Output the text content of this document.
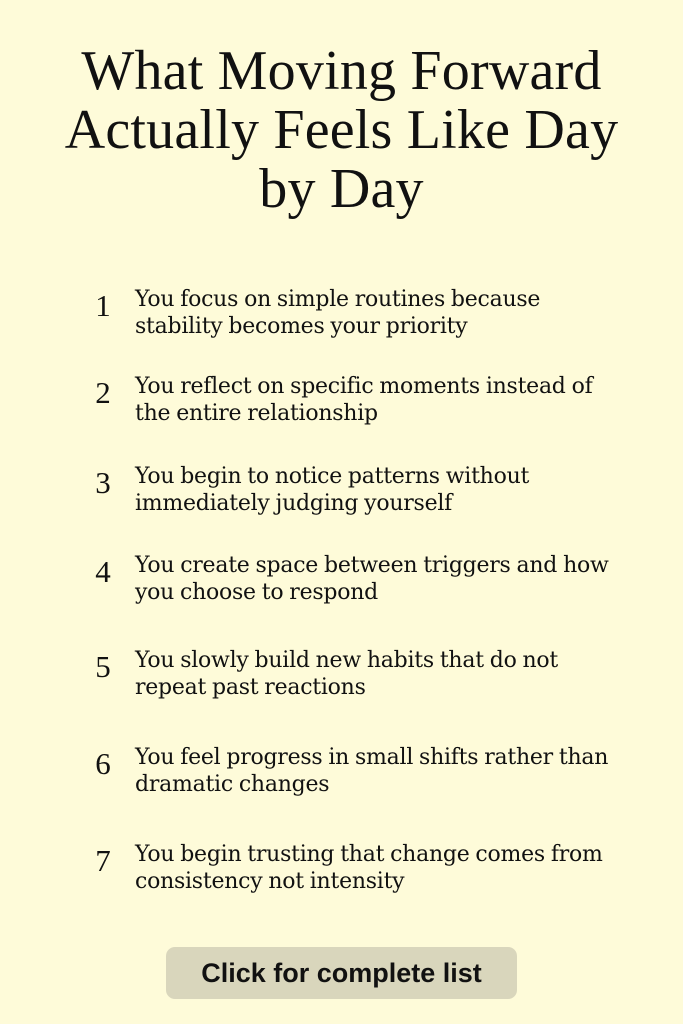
What Moving Forward Actually Feels Like Day by Day
1 You focus on simple routines because stability becomes your priority
2 You reflect on specific moments instead of the entire relationship
3 You begin to notice patterns without immediately judging yourself
4 You create space between triggers and how you choose to respond
5 You slowly build new habits that do not repeat past reactions
6 You feel progress in small shifts rather than dramatic changes
7 You begin trusting that change comes from consistency not intensity
Click for complete list
